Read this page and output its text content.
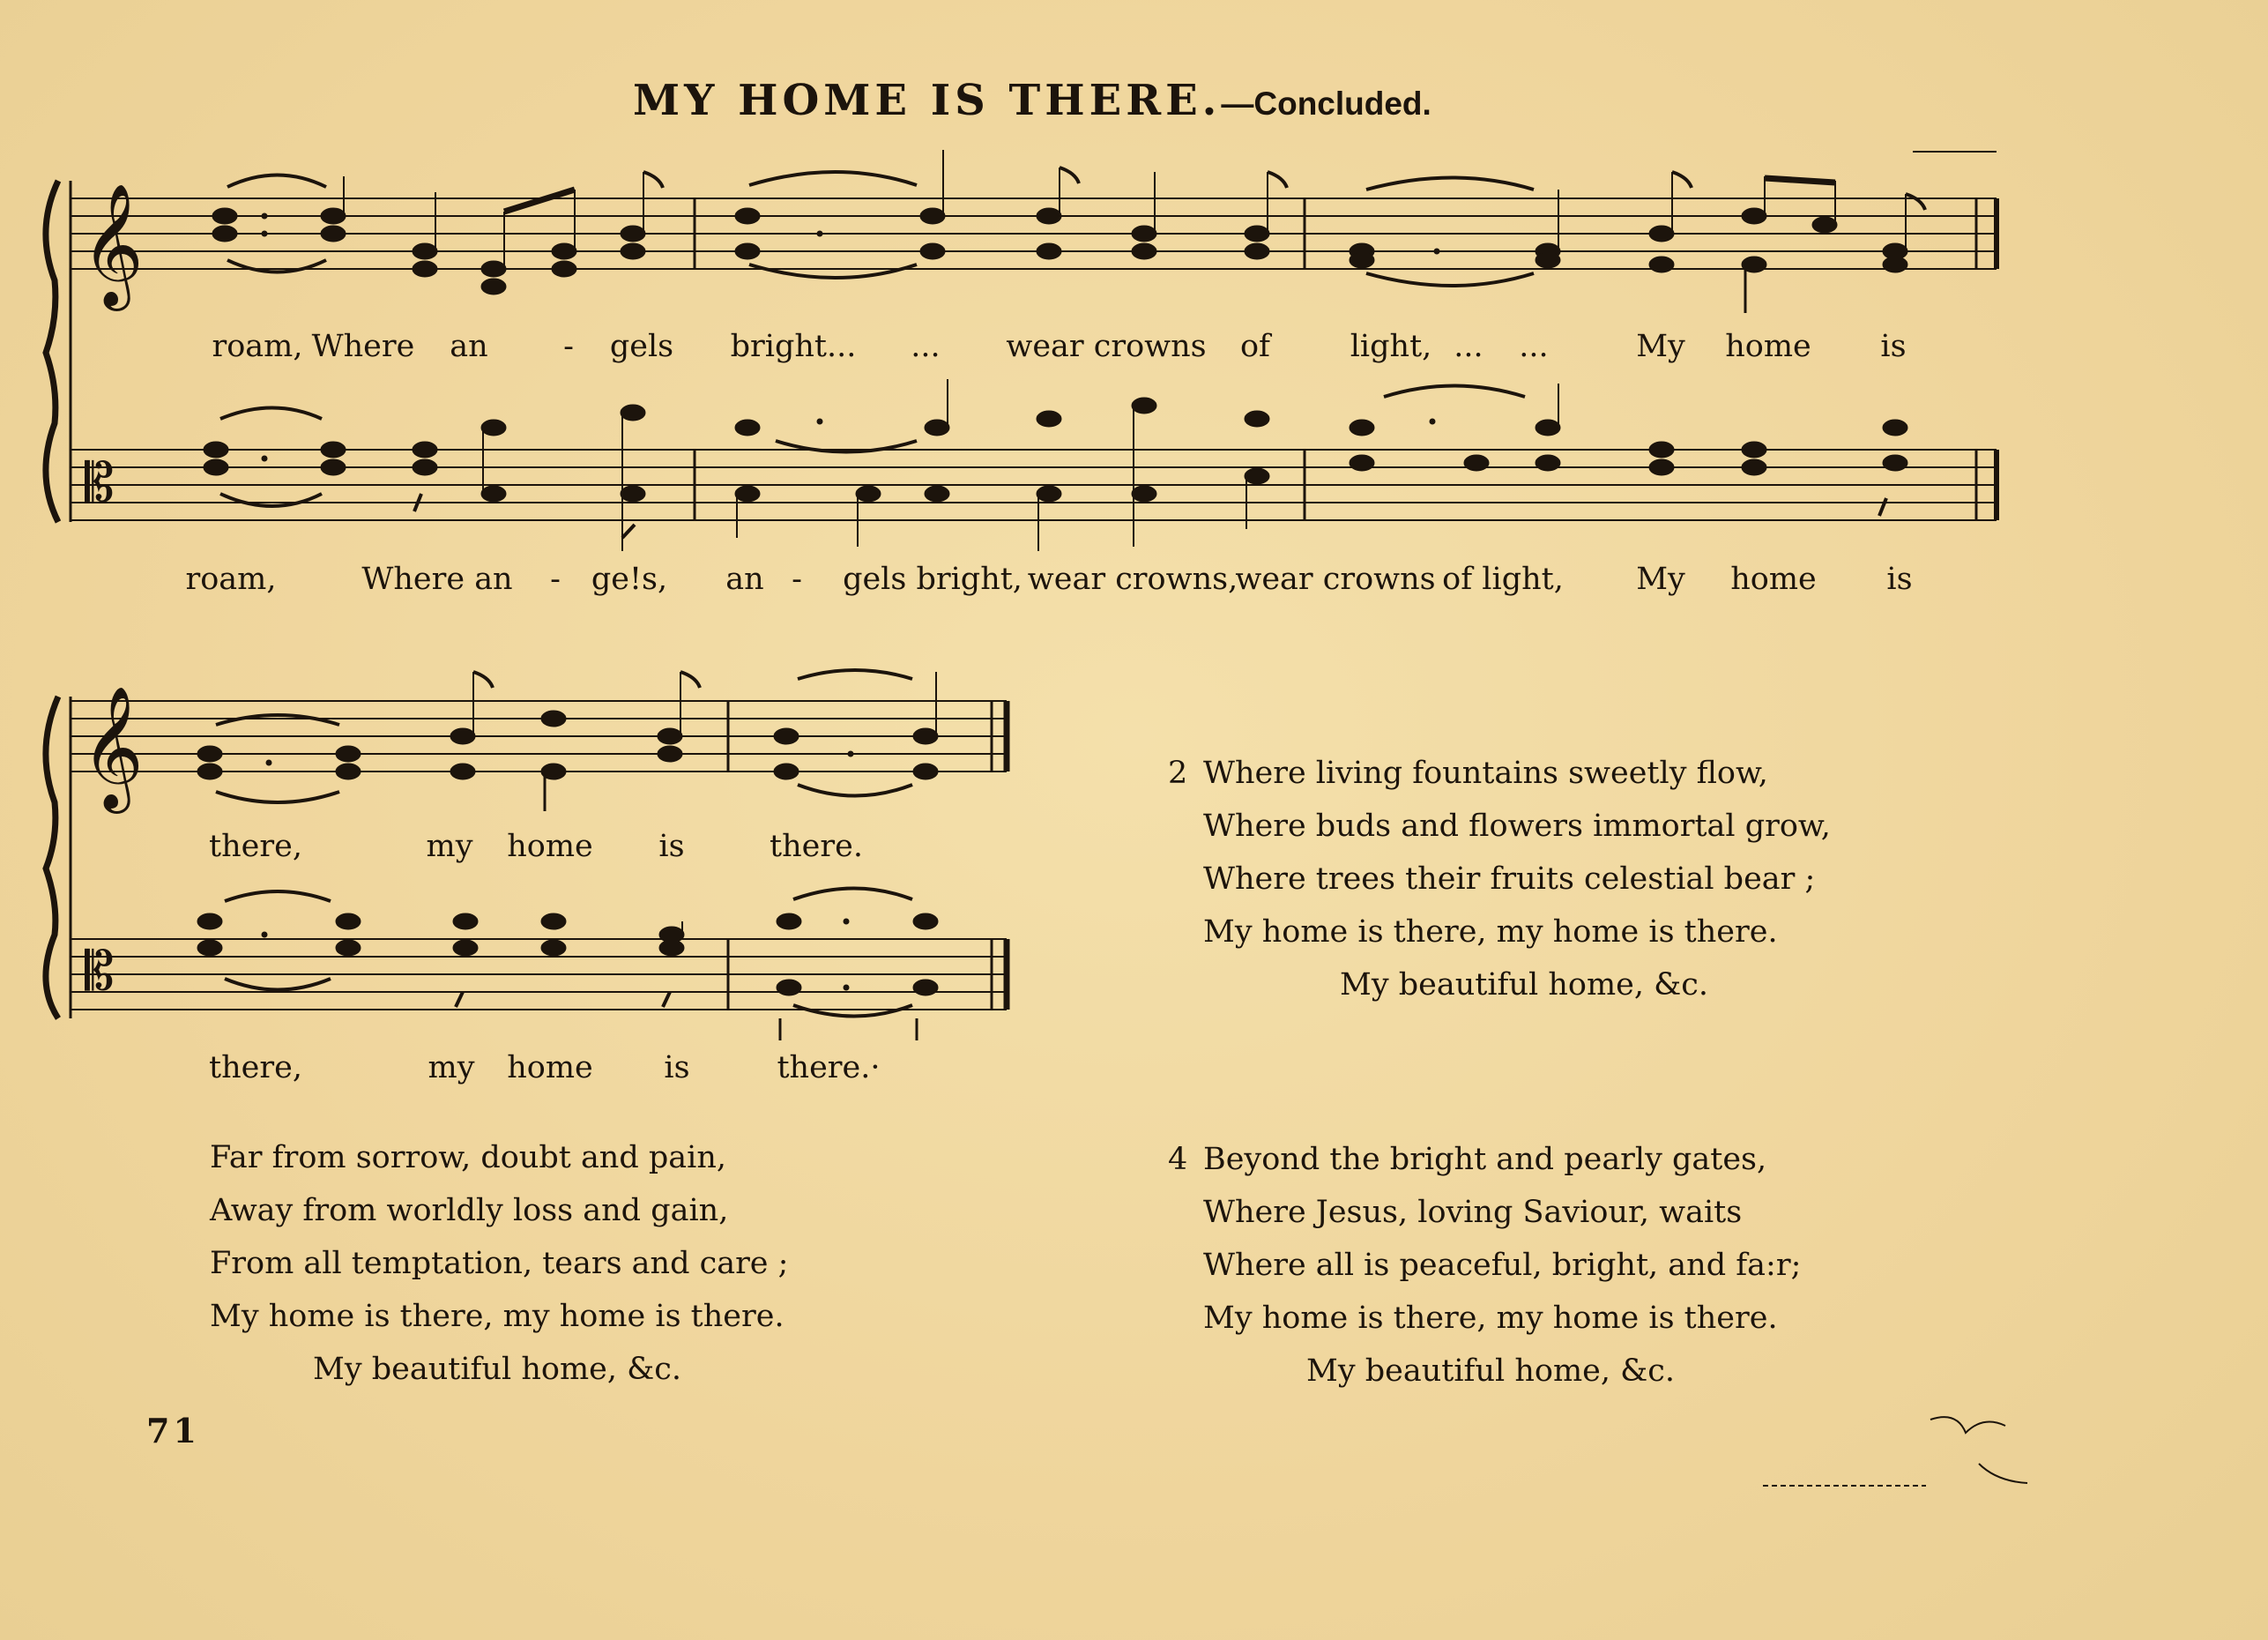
MY HOME IS THERE.—Concluded.
𝄞
𝄡
𝄞
𝄡
roam, Where an - gels bright... ... wear crowns of	light, ... ...	My home is
roam,	Where an - ge!s, an - gels bright, wear crowns,
wear crowns of light, My home is
there,	my home is	there.
there,	my home is	there.·
2 Where living fountains sweetly flow,
Where buds and flowers immortal grow,
Where trees their fruits celestial bear ;
My home is there, my home is there.
My beautiful home, &c.
Far from sorrow, doubt and pain,
Away from worldly loss and gain,
From all temptation, tears and care ;
My home is there, my home is there.
My beautiful home, &c.
4 Beyond the bright and pearly gates,
Where Jesus, loving Saviour, waits
Where all is peaceful, bright, and fa:r;
My home is there, my home is there.
My beautiful home, &c.
71
